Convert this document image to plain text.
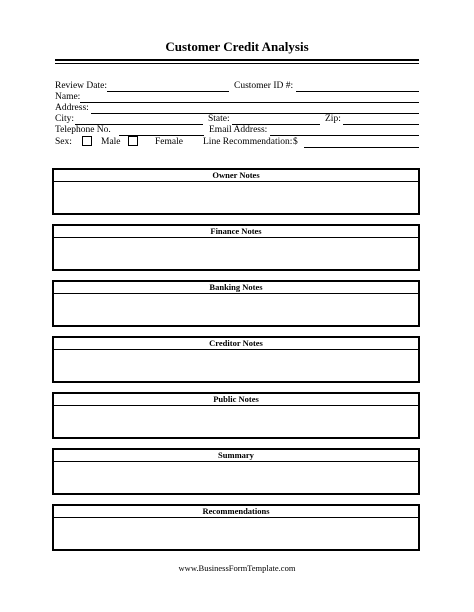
Customer Credit Analysis
Review Date:	Customer ID #:
Name:
Address:
City:	State:	Zip:
Telephone No.	Email Address:
Sex:	Male	Female Line Recommendation: $
Owner Notes
Finance Notes
Banking Notes
Creditor Notes
Public Notes
Summary
Recommendations
www.BusinessFormTemplate.com
